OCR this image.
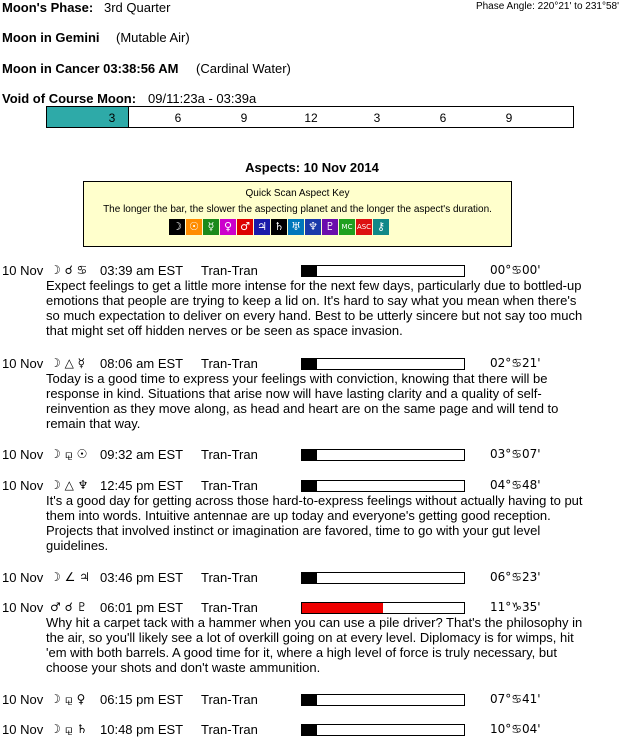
Moon's Phase: 3rd Quarter	Phase Angle: 220°21' to 231°58'
Moon in Gemini (Mutable Air)
Moon in Cancer 03:38:56 AM (Cardinal Water)
Void of Course Moon: 09/11:23a - 03:39a
3	6	9	12	3	6	9
Aspects: 10 Nov 2014
Quick Scan Aspect Key
The longer the bar, the slower the aspecting planet and the longer the aspect's duration.
☽ ☉ ☿ ♀ ♂ ♃ ♄ ♅ ♆ ♇ MC ASC ⚷
10 Nov ☽ ☌ ♋ 03:39 am EST Tran-Tran	00°♋00'
Expect feelings to get a little more intense for the next few days, particularly due to bottled-up
emotions that people are trying to keep a lid on. It's hard to say what you mean when there's
so much expectation to deliver on every hand. Best to be utterly sincere but not say too much
that might set off hidden nerves or be seen as space invasion.
10 Nov ☽ △ ☿ 08:06 am EST Tran-Tran	02°♋21'
Today is a good time to express your feelings with conviction, knowing that there will be
response in kind. Situations that arise now will have lasting clarity and a quality of self-
reinvention as they move along, as head and heart are on the same page and will tend to
remain that way.
10 Nov ☽ ⚼ ☉ 09:32 am EST Tran-Tran	03°♋07'
10 Nov ☽ △ ♆ 12:45 pm EST Tran-Tran	04°♋48'
It's a good day for getting across those hard-to-express feelings without actually having to put
them into words. Intuitive antennae are up today and everyone's getting good reception.
Projects that involved instinct or imagination are favored, time to go with your gut level
guidelines.
10 Nov ☽ ∠ ♃ 03:46 pm EST Tran-Tran	06°♋23'
10 Nov ♂ ☌ ♇ 06:01 pm EST Tran-Tran	11°♑35'
Why hit a carpet tack with a hammer when you can use a pile driver? That's the philosophy in
the air, so you'll likely see a lot of overkill going on at every level. Diplomacy is for wimps, hit
'em with both barrels. A good time for it, where a high level of force is truly necessary, but
choose your shots and don't waste ammunition.
10 Nov ☽ ⚼ ♀ 06:15 pm EST Tran-Tran	07°♋41'
10 Nov ☽ ⚼ ♄ 10:48 pm EST Tran-Tran	10°♋04'
